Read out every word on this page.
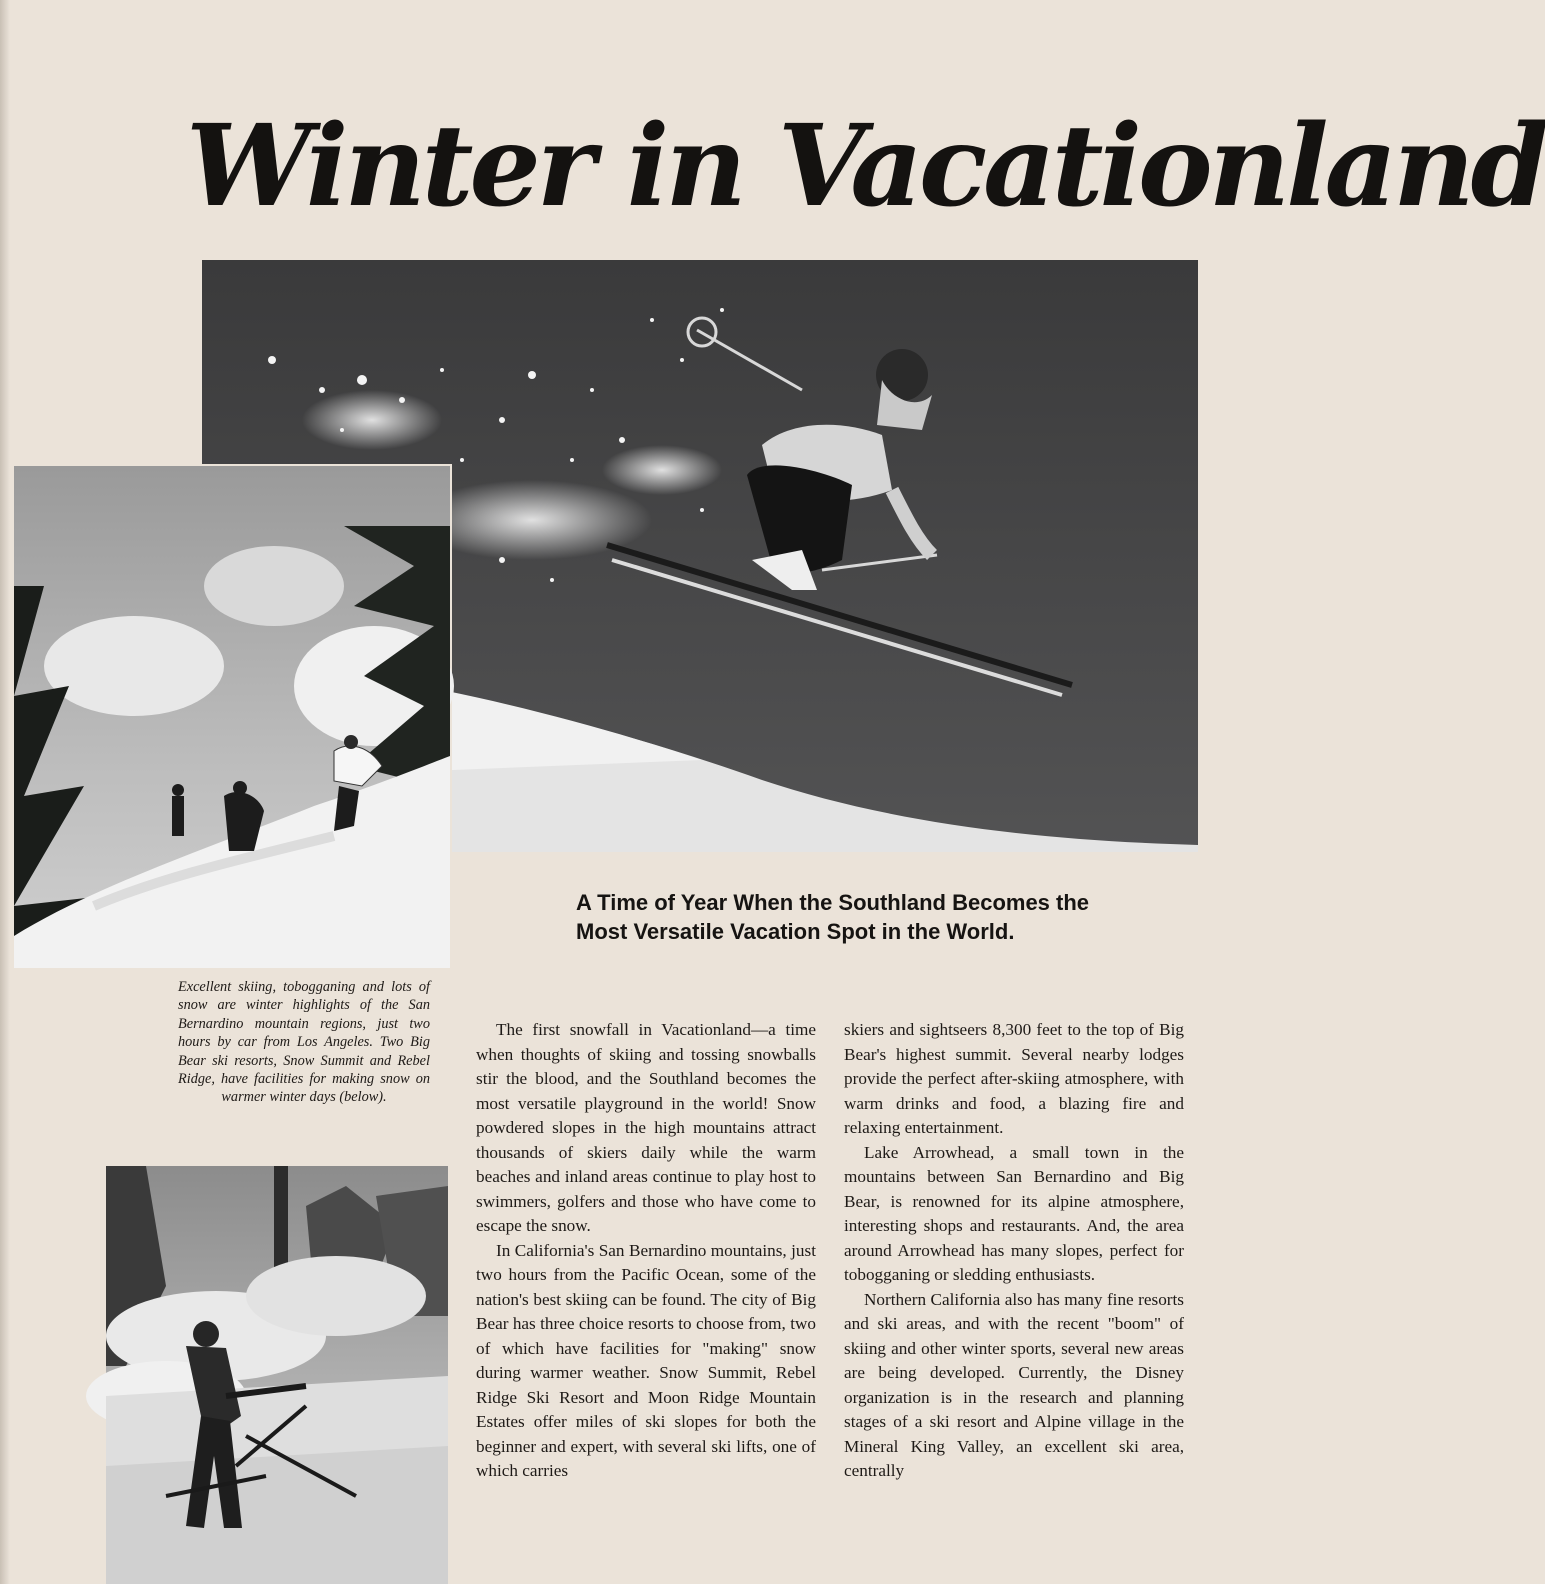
Winter in Vacationland
Excellent skiing, tobogganing and lots of snow are winter highlights of the San Bernardino mountain regions, just two hours by car from Los Angeles. Two Big Bear ski resorts, Snow Summit and Rebel Ridge, have facilities for making snow on warmer winter days (below).
A Time of Year When the Southland Becomes the Most Versatile Vacation Spot in the World.

The first snowfall in Vacationland—a time when thoughts of skiing and tossing snowballs stir the blood, and the Southland becomes the most versatile playground in the world! Snow powdered slopes in the high mountains attract thousands of skiers daily while the warm beaches and inland areas continue to play host to swimmers, golfers and those who have come to escape the snow.

In California's San Bernardino mountains, just two hours from the Pacific Ocean, some of the nation's best skiing can be found. The city of Big Bear has three choice resorts to choose from, two of which have facilities for "making" snow during warmer weather. Snow Summit, Rebel Ridge Ski Resort and Moon Ridge Mountain Estates offer miles of ski slopes for both the beginner and expert, with several ski lifts, one of which carries

skiers and sightseers 8,300 feet to the top of Big Bear's highest summit. Several nearby lodges provide the perfect after-skiing atmosphere, with warm drinks and food, a blazing fire and relaxing entertainment.

Lake Arrowhead, a small town in the mountains between San Bernardino and Big Bear, is renowned for its alpine atmosphere, interesting shops and restaurants. And, the area around Arrowhead has many slopes, perfect for tobogganing or sledding enthusiasts.

Northern California also has many fine resorts and ski areas, and with the recent "boom" of skiing and other winter sports, several new areas are being developed. Currently, the Disney organization is in the research and planning stages of a ski resort and Alpine village in the Mineral King Valley, an excellent ski area, centrally
